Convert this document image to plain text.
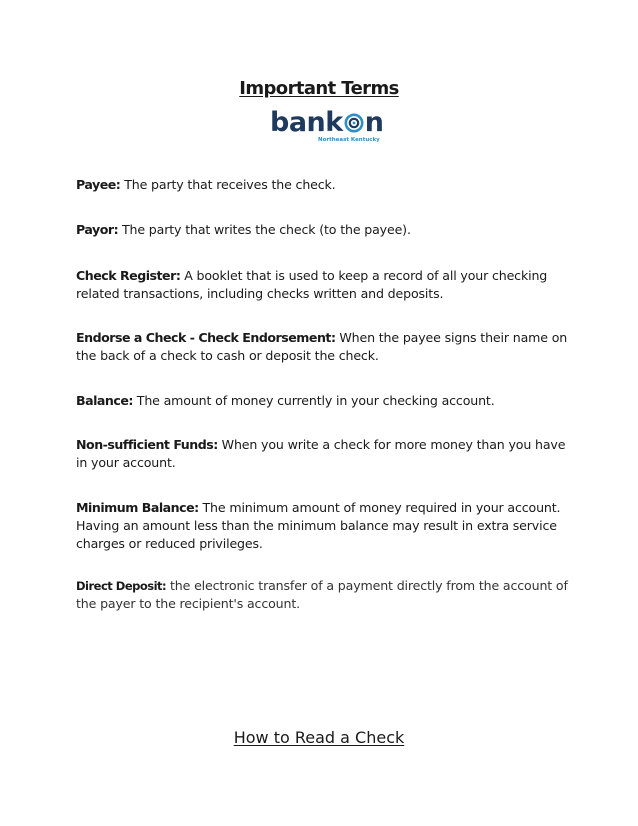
Important Terms
bank n
Northeast Kentucky
Payee: The party that receives the check.
Payor: The party that writes the check (to the payee).
Check Register: A booklet that is used to keep a record of all your checking related transactions, including checks written and deposits.
Endorse a Check - Check Endorsement: When the payee signs their name on the back of a check to cash or deposit the check.
Balance: The amount of money currently in your checking account.
Non-sufficient Funds: When you write a check for more money than you have in your account.
Minimum Balance: The minimum amount of money required in your account. Having an amount less than the minimum balance may result in extra service charges or reduced privileges.
Direct Deposit: the electronic transfer of a payment directly from the account of the payer to the recipient's account.
How to Read a Check
